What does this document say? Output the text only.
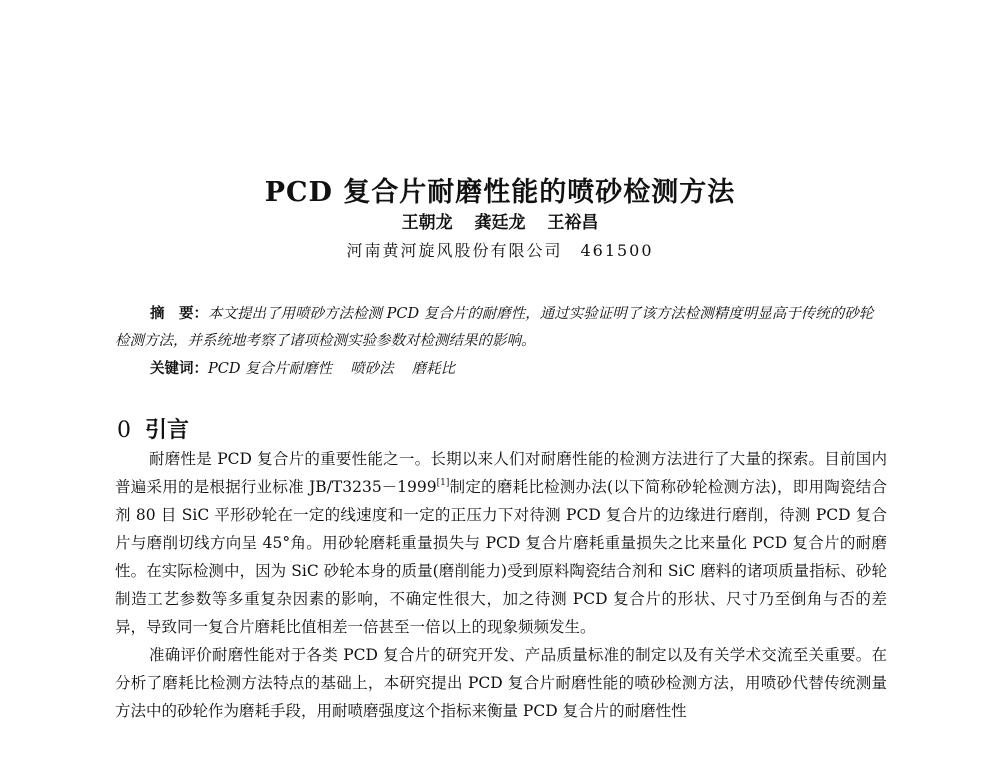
PCD 复合片耐磨性能的喷砂检测方法
王朝龙 龚廷龙 王裕昌
河南黄河旋风股份有限公司　461500
摘　要：本文提出了用喷砂方法检测 PCD 复合片的耐磨性，通过实验证明了该方法检测精度明显高于传统的砂轮检测方法，并系统地考察了诸项检测实验参数对检测结果的影响。
关键词：PCD 复合片耐磨性 喷砂法 磨耗比
0 引言

耐磨性是 PCD 复合片的重要性能之一。长期以来人们对耐磨性能的检测方法进行了大量的探索。目前国内普遍采用的是根据行业标准 JB/T3235－1999[1]制定的磨耗比检测办法(以下简称砂轮检测方法)，即用陶瓷结合剂 80 目 SiC 平形砂轮在一定的线速度和一定的正压力下对待测 PCD 复合片的边缘进行磨削，待测 PCD 复合片与磨削切线方向呈 45°角。用砂轮磨耗重量损失与 PCD 复合片磨耗重量损失之比来量化 PCD 复合片的耐磨性。在实际检测中，因为 SiC 砂轮本身的质量(磨削能力)受到原料陶瓷结合剂和 SiC 磨料的诸项质量指标、砂轮制造工艺参数等多重复杂因素的影响，不确定性很大，加之待测 PCD 复合片的形状、尺寸乃至倒角与否的差异，导致同一复合片磨耗比值相差一倍甚至一倍以上的现象频频发生。

准确评价耐磨性能对于各类 PCD 复合片的研究开发、产品质量标准的制定以及有关学术交流至关重要。在分析了磨耗比检测方法特点的基础上，本研究提出 PCD 复合片耐磨性能的喷砂检测方法，用喷砂代替传统测量方法中的砂轮作为磨耗手段，用耐喷磨强度这个指标来衡量 PCD 复合片的耐磨性性
